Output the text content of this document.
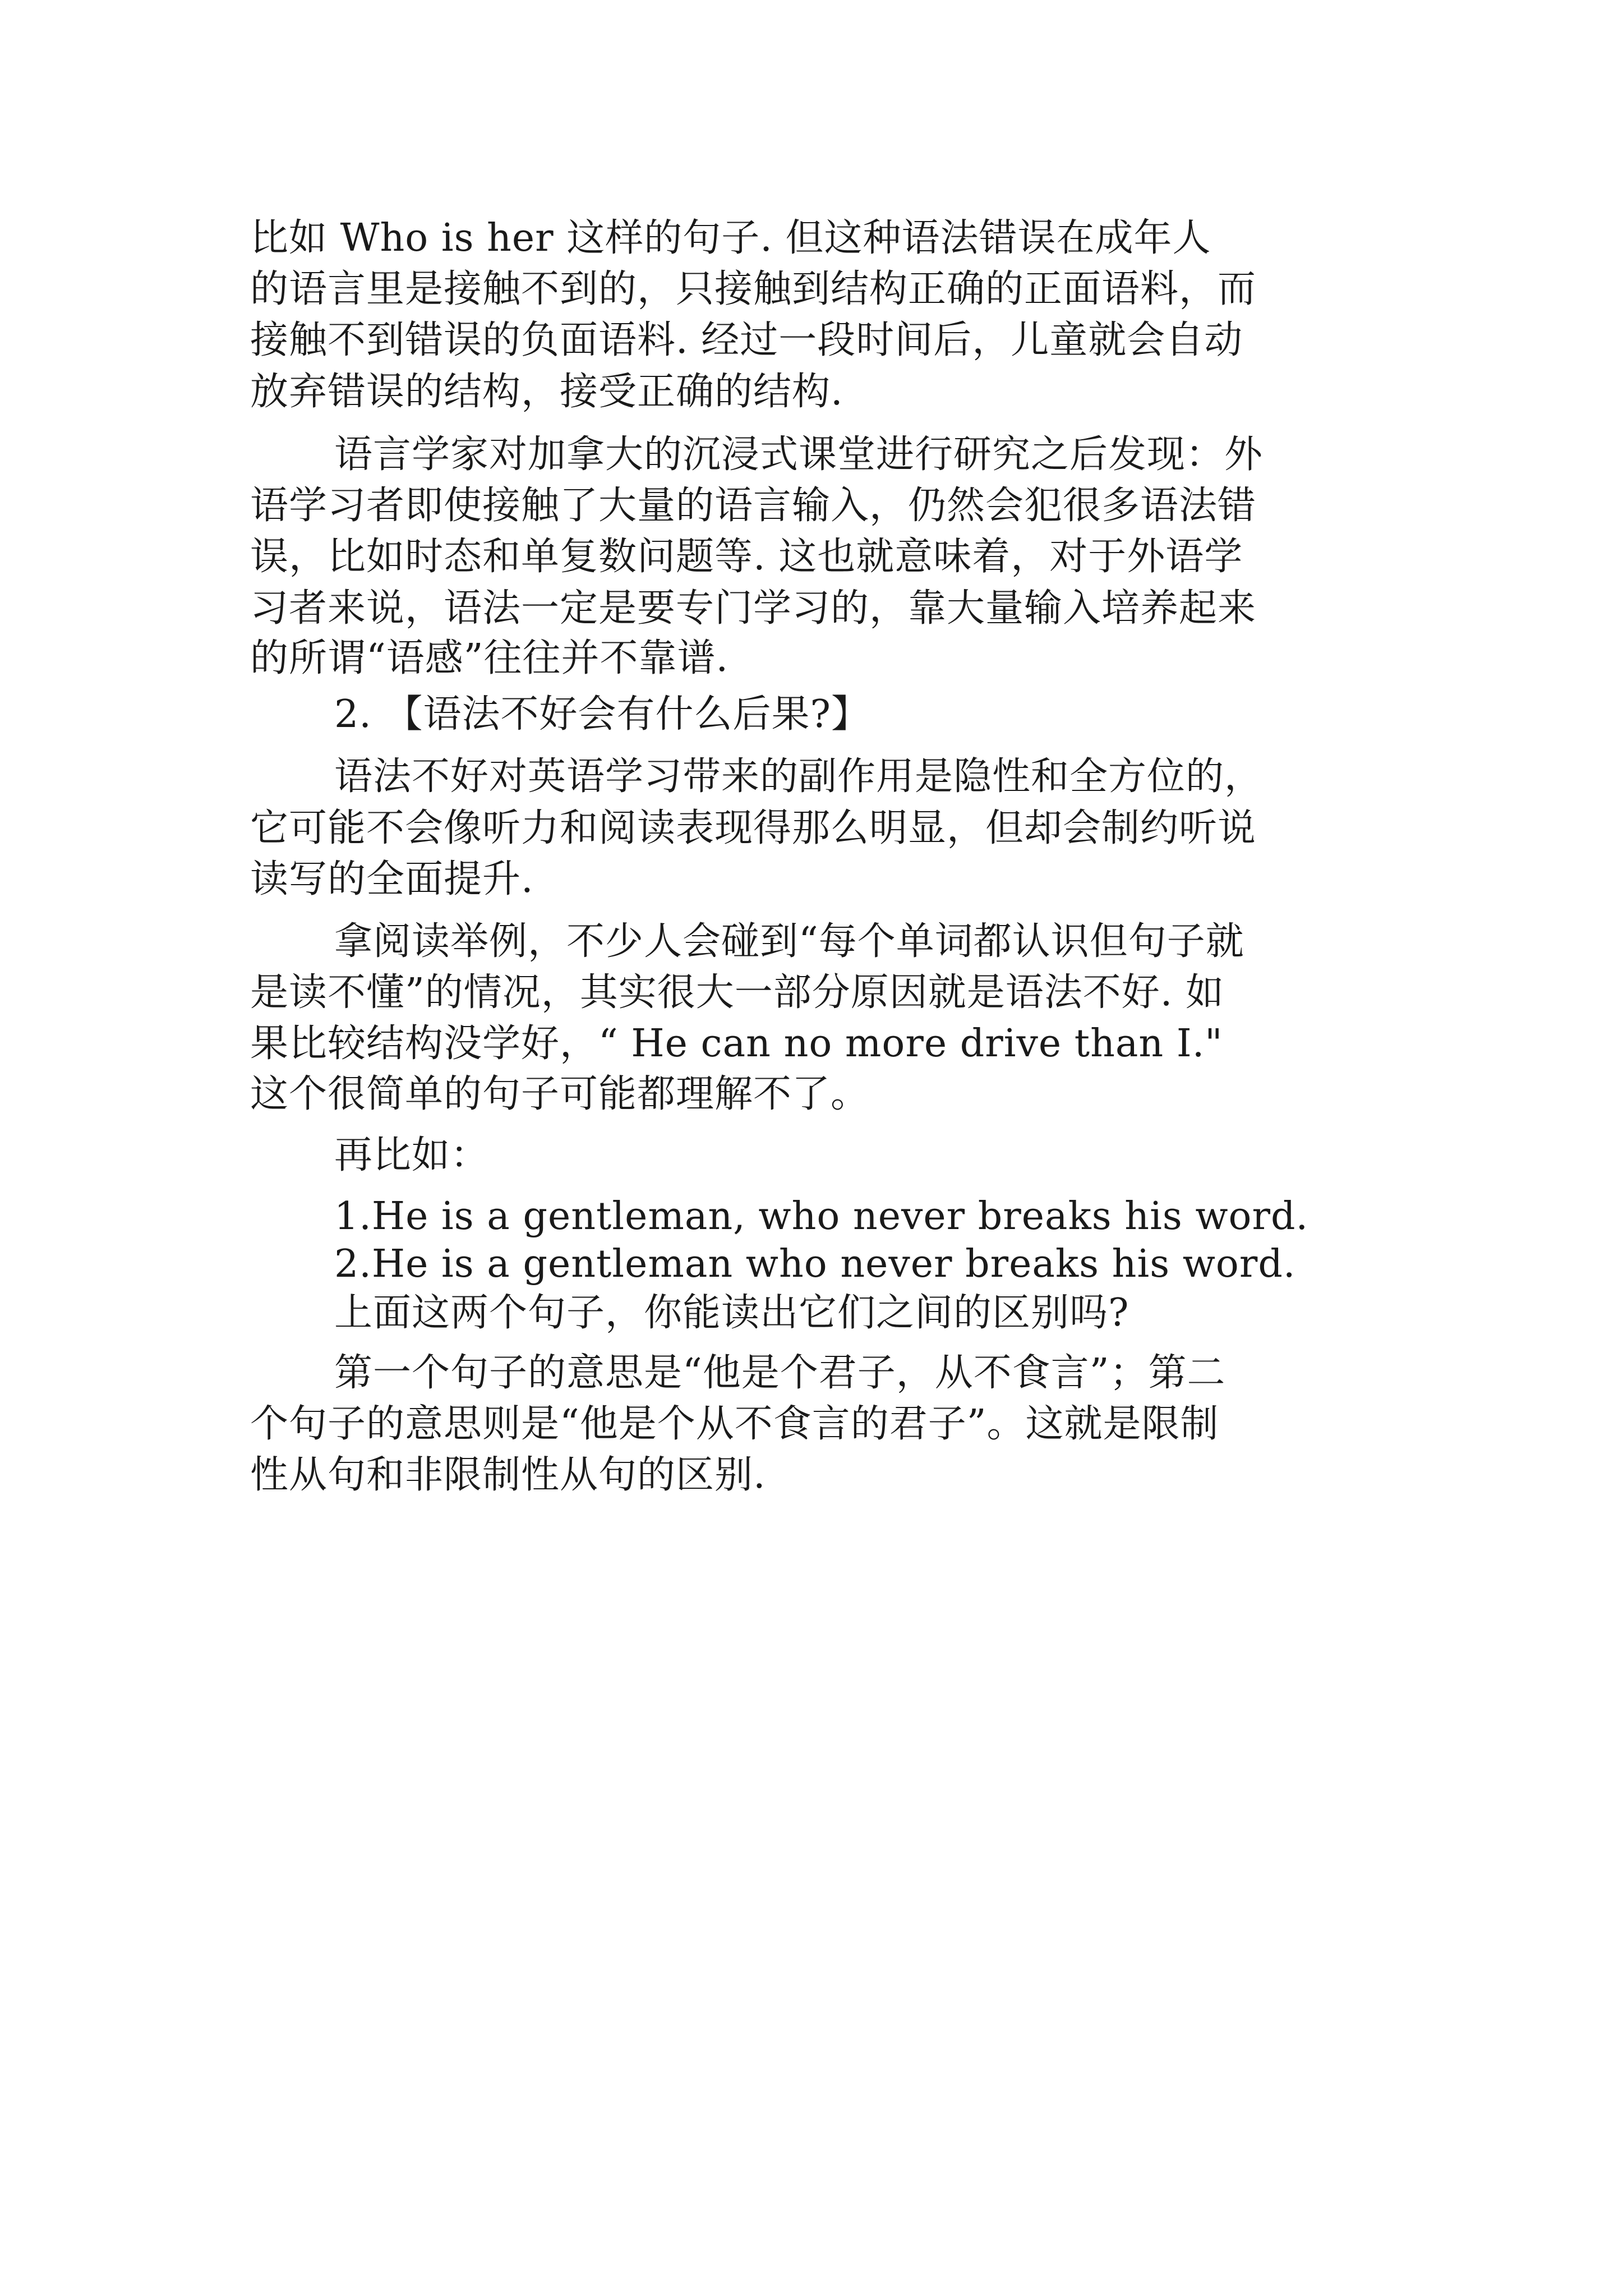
比如 Who is her 这样的句子. 但这种语法错误在成年人
的语言里是接触不到的，只接触到结构正确的正面语料，而
接触不到错误的负面语料. 经过一段时间后，儿童就会自动
放弃错误的结构，接受正确的结构.
语言学家对加拿大的沉浸式课堂进行研究之后发现：外
语学习者即使接触了大量的语言输入，仍然会犯很多语法错
误，比如时态和单复数问题等. 这也就意味着，对于外语学
习者来说，语法一定是要专门学习的，靠大量输入培养起来
的所谓“语感”往往并不靠谱.
2. 【语法不好会有什么后果?】
语法不好对英语学习带来的副作用是隐性和全方位的，
它可能不会像听力和阅读表现得那么明显，但却会制约听说
读写的全面提升.
拿阅读举例，不少人会碰到“每个单词都认识但句子就
是读不懂”的情况，其实很大一部分原因就是语法不好. 如
果比较结构没学好，“ He can no more drive than I."
这个很简单的句子可能都理解不了。
再比如：
1.He is a gentleman, who never breaks his word.
2.He is a gentleman who never breaks his word.
上面这两个句子，你能读出它们之间的区别吗?
第一个句子的意思是“他是个君子，从不食言”；第二
个句子的意思则是“他是个从不食言的君子”。这就是限制
性从句和非限制性从句的区别.
